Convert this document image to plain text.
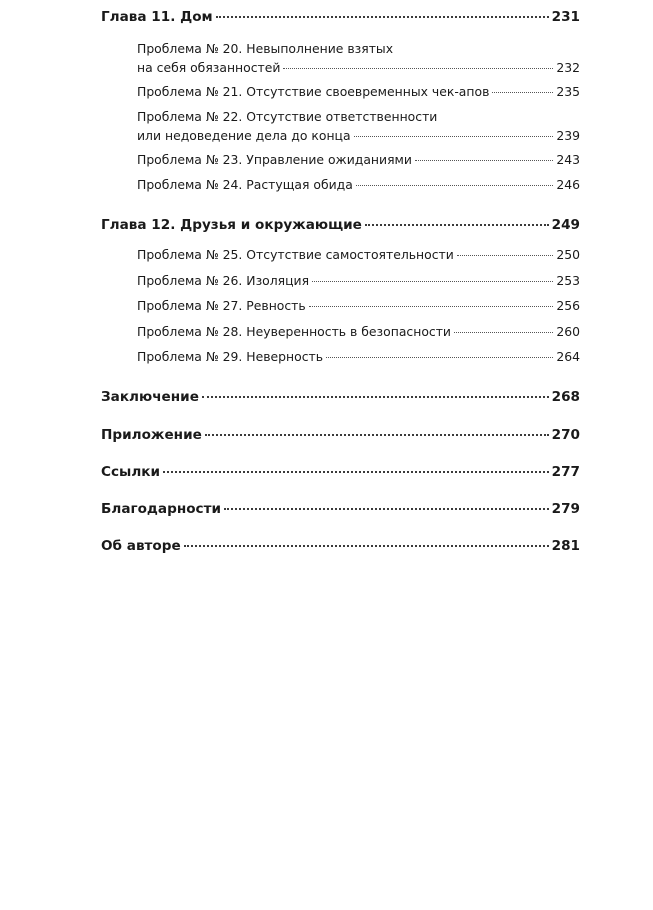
Глава 11. Дом	231
Проблема № 20. Невыполнение взятых
на себя обязанностей	232
Проблема № 21. Отсутствие своевременных чек-апов	235
Проблема № 22. Отсутствие ответственности
или недоведение дела до конца	239
Проблема № 23. Управление ожиданиями	243
Проблема № 24. Растущая обида	246
Глава 12. Друзья и окружающие	249
Проблема № 25. Отсутствие самостоятельности	250
Проблема № 26. Изоляция	253
Проблема № 27. Ревность	256
Проблема № 28. Неуверенность в безопасности	260
Проблема № 29. Неверность	264
Заключение	268
Приложение	270
Ссылки	277
Благодарности	279
Об авторе	281
